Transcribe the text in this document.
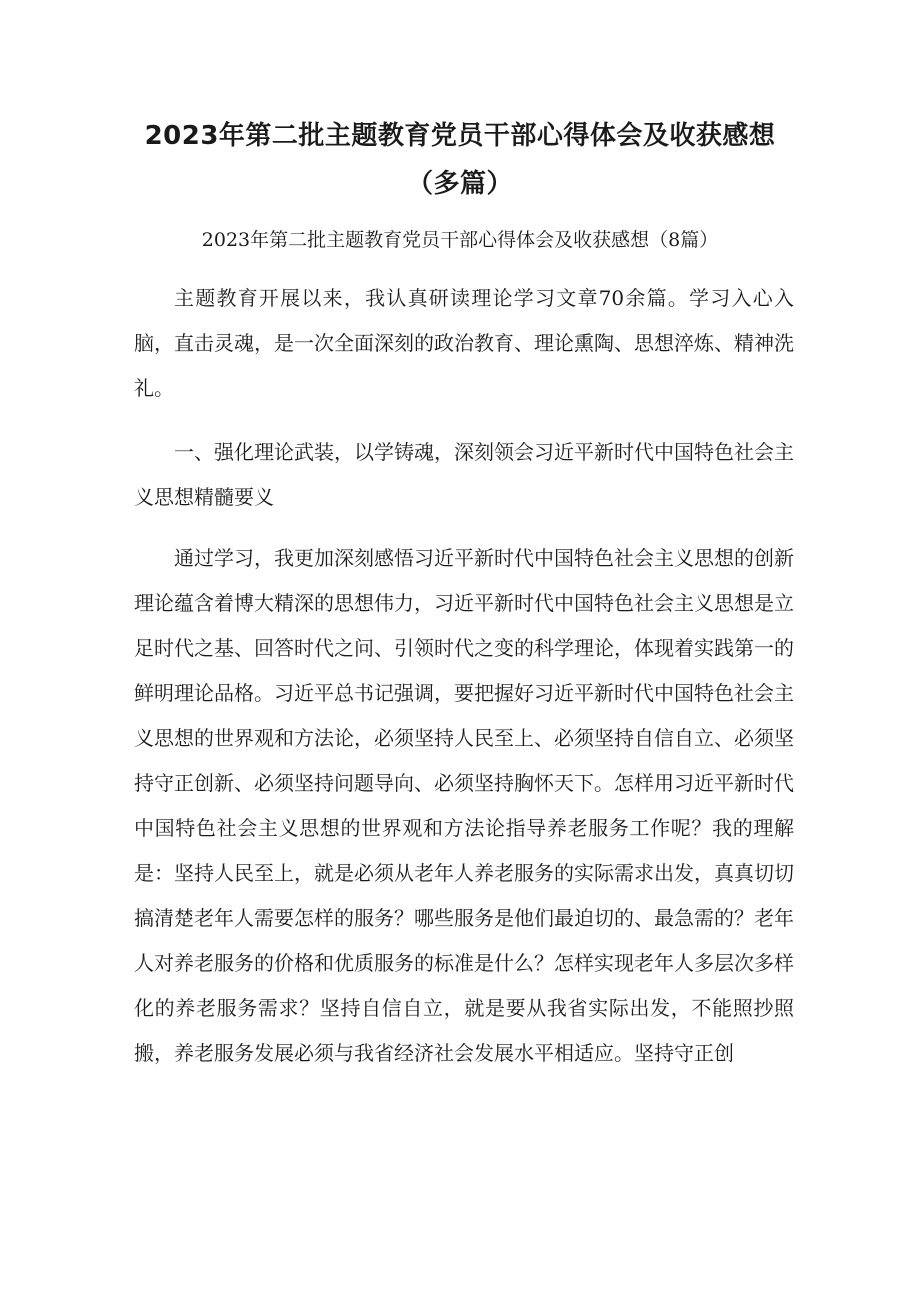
2023年第二批主题教育党员干部心得体会及收获感想（多篇）

2023年第二批主题教育党员干部心得体会及收获感想（8篇）

主题教育开展以来，我认真研读理论学习文章70余篇。学习入心入脑，直击灵魂，是一次全面深刻的政治教育、理论熏陶、思想淬炼、精神洗礼。

一、强化理论武装，以学铸魂，深刻领会习近平新时代中国特色社会主义思想精髓要义

通过学习，我更加深刻感悟习近平新时代中国特色社会主义思想的创新理论蕴含着博大精深的思想伟力，习近平新时代中国特色社会主义思想是立足时代之基、回答时代之问、引领时代之变的科学理论，体现着实践第一的鲜明理论品格。习近平总书记强调，要把握好习近平新时代中国特色社会主义思想的世界观和方法论，必须坚持人民至上、必须坚持自信自立、必须坚持守正创新、必须坚持问题导向、必须坚持胸怀天下。怎样用习近平新时代中国特色社会主义思想的世界观和方法论指导养老服务工作呢？我的理解是：坚持人民至上，就是必须从老年人养老服务的实际需求出发，真真切切搞清楚老年人需要怎样的服务？哪些服务是他们最迫切的、最急需的？老年人对养老服务的价格和优质服务的标准是什么？怎样实现老年人多层次多样化的养老服务需求？坚持自信自立，就是要从我省实际出发，不能照抄照搬，养老服务发展必须与我省经济社会发展水平相适应。坚持守正创
